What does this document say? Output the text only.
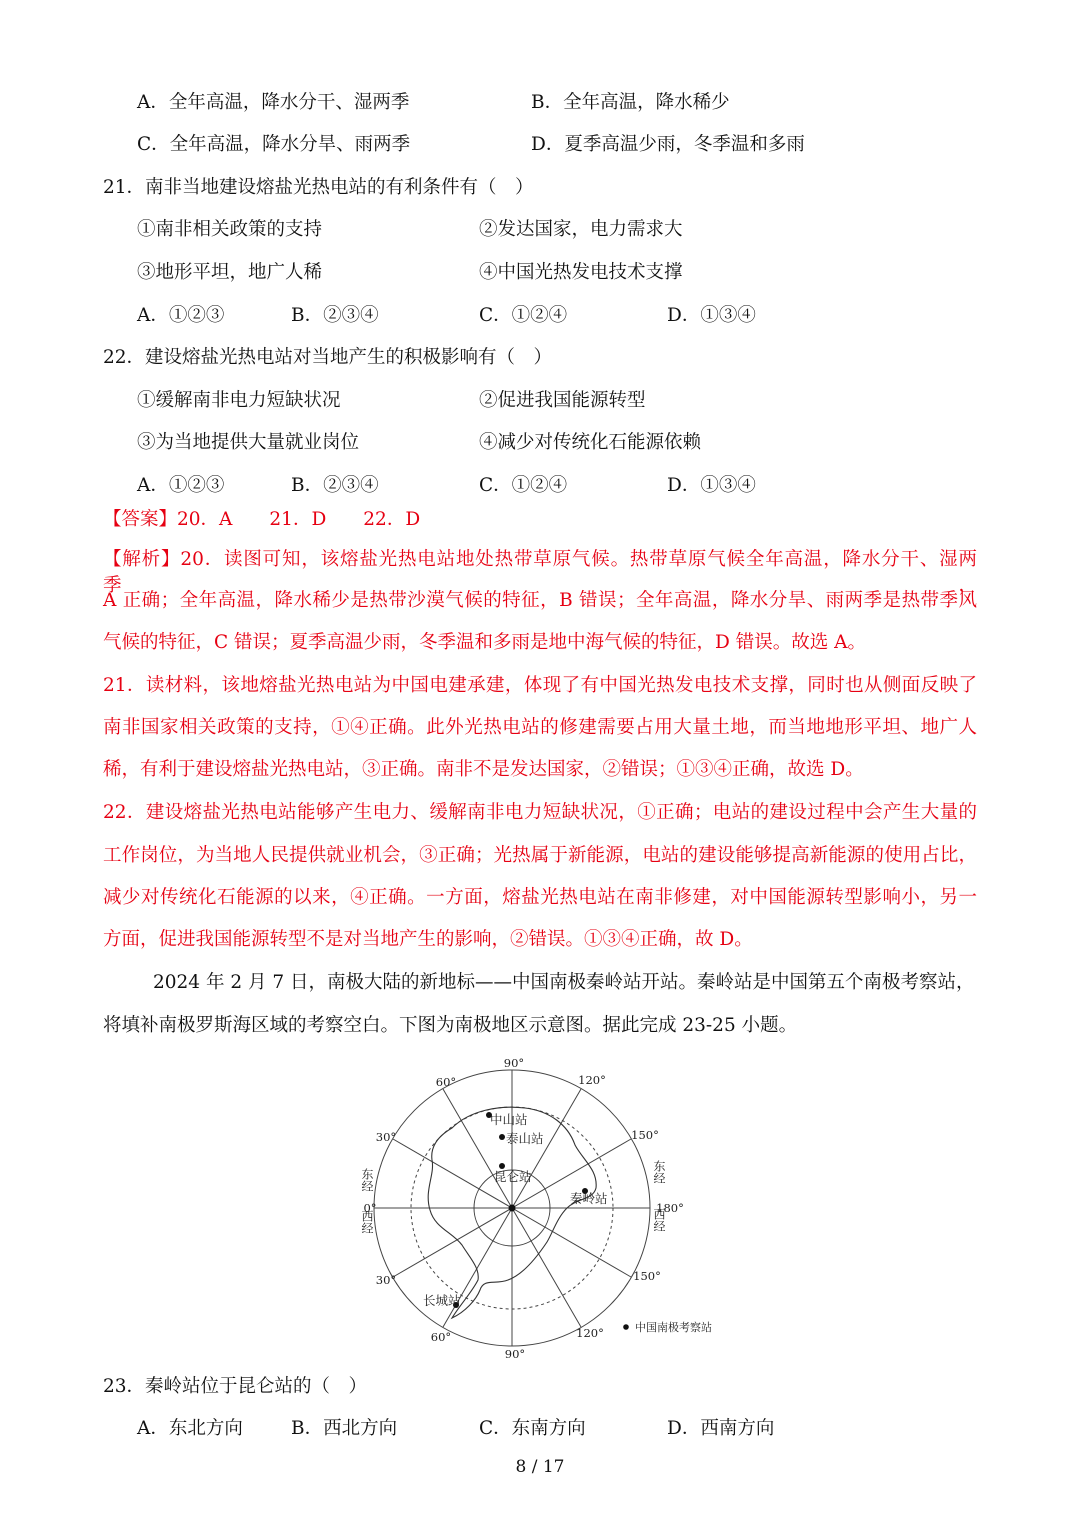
A．全年高温，降水分干、湿两季	B．全年高温，降水稀少
C．全年高温，降水分旱、雨两季	D．夏季高温少雨，冬季温和多雨
21．南非当地建设熔盐光热电站的有利条件有（　）
①南非相关政策的支持	②发达国家，电力需求大
③地形平坦，地广人稀	④中国光热发电技术支撑
A．①②③	B．②③④	C．①②④	D．①③④
22．建设熔盐光热电站对当地产生的积极影响有（　）
①缓解南非电力短缺状况	②促进我国能源转型
③为当地提供大量就业岗位	④减少对传统化石能源依赖
A．①②③	B．②③④	C．①②④	D．①③④
【答案】20．A　　21．D　　22．D
【解析】20．读图可知，该熔盐光热电站地处热带草原气候。热带草原气候全年高温，降水分干、湿两季，
A 正确；全年高温，降水稀少是热带沙漠气候的特征，B 错误；全年高温，降水分旱、雨两季是热带季风
气候的特征，C 错误；夏季高温少雨，冬季温和多雨是地中海气候的特征，D 错误。故选 A。
21．读材料，该地熔盐光热电站为中国电建承建，体现了有中国光热发电技术支撑，同时也从侧面反映了
南非国家相关政策的支持，①④正确。此外光热电站的修建需要占用大量土地，而当地地形平坦、地广人
稀，有利于建设熔盐光热电站，③正确。南非不是发达国家，②错误；①③④正确，故选 D。
22．建设熔盐光热电站能够产生电力、缓解南非电力短缺状况，①正确；电站的建设过程中会产生大量的
工作岗位，为当地人民提供就业机会，③正确；光热属于新能源，电站的建设能够提高新能源的使用占比，
减少对传统化石能源的以来，④正确。一方面，熔盐光热电站在南非修建，对中国能源转型影响小，另一
方面，促进我国能源转型不是对当地产生的影响，②错误。①③④正确，故 D。
2024 年 2 月 7 日，南极大陆的新地标——中国南极秦岭站开站。秦岭站是中国第五个南极考察站，
将填补南极罗斯海区域的考察空白。下图为南极地区示意图。据此完成 23-25 小题。
90°
60°	120°
30°	150°
30°	150°
60°	120°
90°
180°
0°
东经
西经
东经
西经
中山站
泰山站
昆仑站
秦岭站
长城站
中国南极考察站
23．秦岭站位于昆仑站的（　）
A．东北方向	B．西北方向	C．东南方向	D．西南方向
8 / 17
